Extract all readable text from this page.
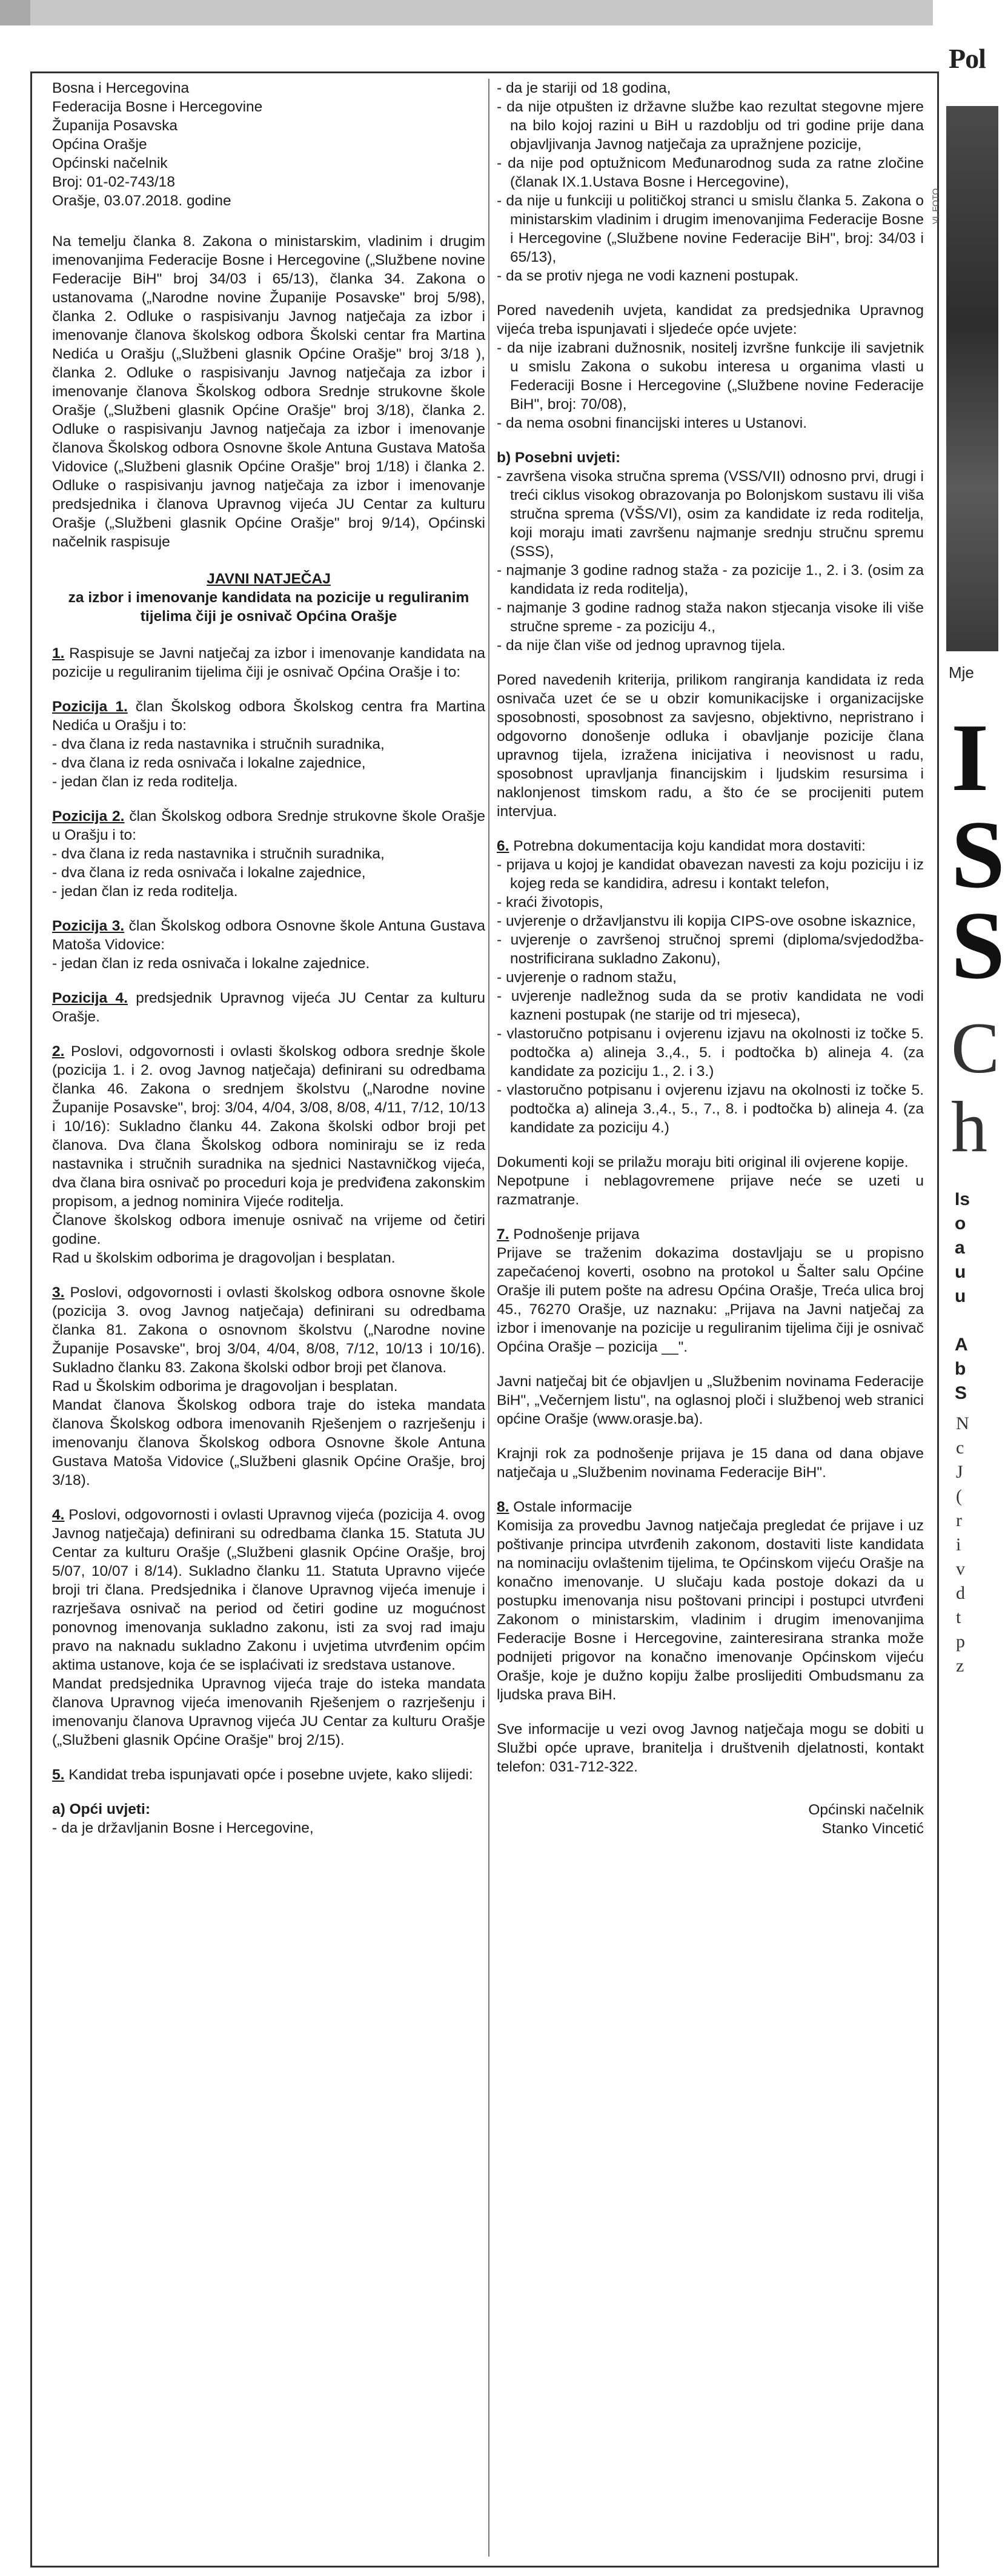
Bosna i Hercegovina
Federacija Bosne i Hercegovine
Županija Posavska
Općina Orašje
Općinski načelnik
Broj: 01-02-743/18
Orašje, 03.07.2018. godine

Na temelju članka 8. Zakona o ministarskim, vladinim i drugim imenovanjima Federacije Bosne i Hercegovine („Službene novine Federacije BiH" broj 34/03 i 65/13), članka 34. Zakona o ustanovama („Narodne novine Županije Posavske" broj 5/98), članka 2. Odluke o raspisivanju Javnog natječaja za izbor i imenovanje članova školskog odbora Školski centar fra Martina Nedića u Orašju („Službeni glasnik Općine Orašje" broj 3/18 ), članka 2. Odluke o raspisivanju Javnog natječaja za izbor i imenovanje članova Školskog odbora Srednje strukovne škole Orašje („Službeni glasnik Općine Orašje" broj 3/18), članka 2. Odluke o raspisivanju Javnog natječaja za izbor i imenovanje članova Školskog odbora Osnovne škole Antuna Gustava Matoša Vidovice („Službeni glasnik Općine Orašje" broj 1/18) i članka 2. Odluke o raspisivanju javnog natječaja za izbor i imenovanje predsjednika i članova Upravnog vijeća JU Centar za kulturu Orašje („Službeni glasnik Općine Orašje" broj 9/14), Općinski načelnik raspisuje

JAVNI NATJEČAJ
za izbor i imenovanje kandidata na pozicije u reguliranim tijelima čiji je osnivač Općina Orašje

1. Raspisuje se Javni natječaj za izbor i imenovanje kandidata na pozicije u reguliranim tijelima čiji je osnivač Općina Orašje i to:

Pozicija 1. član Školskog odbora Školskog centra fra Martina Nedića u Orašju i to:

- dva člana iz reda nastavnika i stručnih suradnika,
- dva člana iz reda osnivača i lokalne zajednice,
- jedan član iz reda roditelja.

Pozicija 2. član Školskog odbora Srednje strukovne škole Orašje u Orašju i to:

- dva člana iz reda nastavnika i stručnih suradnika,
- dva člana iz reda osnivača i lokalne zajednice,
- jedan član iz reda roditelja.

Pozicija 3. član Školskog odbora Osnovne škole Antuna Gustava Matoša Vidovice:

- jedan član iz reda osnivača i lokalne zajednice.

Pozicija 4. predsjednik Upravnog vijeća JU Centar za kulturu Orašje.

2. Poslovi, odgovornosti i ovlasti školskog odbora srednje škole (pozicija 1. i 2. ovog Javnog natječaja) definirani su odredbama članka 46. Zakona o srednjem školstvu („Narodne novine Županije Posavske", broj: 3/04, 4/04, 3/08, 8/08, 4/11, 7/12, 10/13 i 10/16): Sukladno članku 44. Zakona školski odbor broji pet članova. Dva člana Školskog odbora nominiraju se iz reda nastavnika i stručnih suradnika na sjednici Nastavničkog vijeća, dva člana bira osnivač po proceduri koja je predviđena zakonskim propisom, a jednog nominira Vijeće roditelja.

Članove školskog odbora imenuje osnivač na vrijeme od četiri godine.

Rad u školskim odborima je dragovoljan i besplatan.

3. Poslovi, odgovornosti i ovlasti školskog odbora osnovne škole (pozicija 3. ovog Javnog natječaja) definirani su odredbama članka 81. Zakona o osnovnom školstvu („Narodne novine Županije Posavske", broj 3/04, 4/04, 8/08, 7/12, 10/13 i 10/16). Sukladno članku 83. Zakona školski odbor broji pet članova.

Rad u Školskim odborima je dragovoljan i besplatan.

Mandat članova Školskog odbora traje do isteka mandata članova Školskog odbora imenovanih Rješenjem o razrješenju i imenovanju članova Školskog odbora Osnovne škole Antuna Gustava Matoša Vidovice („Službeni glasnik Općine Orašje, broj 3/18).

4. Poslovi, odgovornosti i ovlasti Upravnog vijeća (pozicija 4. ovog Javnog natječaja) definirani su odredbama članka 15. Statuta JU Centar za kulturu Orašje („Službeni glasnik Općine Orašje, broj 5/07, 10/07 i 8/14). Sukladno članku 11. Statuta Upravno vijeće broji tri člana. Predsjednika i članove Upravnog vijeća imenuje i razrješava osnivač na period od četiri godine uz mogućnost ponovnog imenovanja sukladno zakonu, isti za svoj rad imaju pravo na naknadu sukladno Zakonu i uvjetima utvrđenim općim aktima ustanove, koja će se isplaćivati iz sredstava ustanove.

Mandat predsjednika Upravnog vijeća traje do isteka mandata članova Upravnog vijeća imenovanih Rješenjem o razrješenju i imenovanju članova Upravnog vijeća JU Centar za kulturu Orašje („Službeni glasnik Općine Orašje" broj 2/15).

5. Kandidat treba ispunjavati opće i posebne uvjete, kako slijedi:

a) Opći uvjeti:
- da je državljanin Bosne i Hercegovine,
- da je stariji od 18 godina,
- da nije otpušten iz državne službe kao rezultat stegovne mjere na bilo kojoj razini u BiH u razdoblju od tri godine prije dana objavljivanja Javnog natječaja za upražnjene pozicije,
- da nije pod optužnicom Međunarodnog suda za ratne zločine (članak IX.1.Ustava Bosne i Hercegovine),
- da nije u funkciji u političkoj stranci u smislu članka 5. Zakona o ministarskim vladinim i drugim imenovanjima Federacije Bosne i Hercegovine („Službene novine Federacije BiH", broj: 34/03 i 65/13),
- da se protiv njega ne vodi kazneni postupak.

Pored navedenih uvjeta, kandidat za predsjednika Upravnog vijeća treba ispunjavati i sljedeće opće uvjete:

- da nije izabrani dužnosnik, nositelj izvršne funkcije ili savjetnik u smislu Zakona o sukobu interesa u organima vlasti u Federaciji Bosne i Hercegovine („Službene novine Federacije BiH", broj: 70/08),
- da nema osobni financijski interes u Ustanovi.
b) Posebni uvjeti:
- završena visoka stručna sprema (VSS/VII) odnosno prvi, drugi i treći ciklus visokog obrazovanja po Bolonjskom sustavu ili viša stručna sprema (VŠS/VI), osim za kandidate iz reda roditelja, koji moraju imati završenu najmanje srednju stručnu spremu (SSS),
- najmanje 3 godine radnog staža - za pozicije 1., 2. i 3. (osim za kandidata iz reda roditelja),
- najmanje 3 godine radnog staža nakon stjecanja visoke ili više stručne spreme - za poziciju 4.,
- da nije član više od jednog upravnog tijela.

Pored navedenih kriterija, prilikom rangiranja kandidata iz reda osnivača uzet će se u obzir komunikacijske i organizacijske sposobnosti, sposobnost za savjesno, objektivno, nepristrano i odgovorno donošenje odluka i obavljanje pozicije člana upravnog tijela, izražena inicijativa i neovisnost u radu, sposobnost upravljanja financijskim i ljudskim resursima i naklonjenost timskom radu, a što će se procijeniti putem intervjua.

6. Potrebna dokumentacija koju kandidat mora dostaviti:

- prijava u kojoj je kandidat obavezan navesti za koju poziciju i iz kojeg reda se kandidira, adresu i kontakt telefon,
- kraći životopis,
- uvjerenje o državljanstvu ili kopija CIPS-ove osobne iskaznice,
- uvjerenje o završenoj stručnoj spremi (diploma/svjedodžba-nostrificirana sukladno Zakonu),
- uvjerenje o radnom stažu,
- uvjerenje nadležnog suda da se protiv kandidata ne vodi kazneni postupak (ne starije od tri mjeseca),
- vlastoručno potpisanu i ovjerenu izjavu na okolnosti iz točke 5. podtočka a) alineja 3.,4., 5. i podtočka b) alineja 4. (za kandidate za poziciju 1., 2. i 3.)
- vlastoručno potpisanu i ovjerenu izjavu na okolnosti iz točke 5. podtočka a) alineja 3.,4., 5., 7., 8. i podtočka b) alineja 4. (za kandidate za poziciju 4.)

Dokumenti koji se prilažu moraju biti original ili ovjerene kopije.

Nepotpune i neblagovremene prijave neće se uzeti u razmatranje.

7. Podnošenje prijava

Prijave se traženim dokazima dostavljaju se u propisno zapečaćenoj koverti, osobno na protokol u Šalter salu Općine Orašje ili putem pošte na adresu Općina Orašje, Treća ulica broj 45., 76270 Orašje, uz naznaku: „Prijava na Javni natječaj za izbor i imenovanje na pozicije u reguliranim tijelima čiji je osnivač Općina Orašje – pozicija __".

Javni natječaj bit će objavljen u „Službenim novinama Federacije BiH", „Večernjem listu", na oglasnoj ploči i službenoj web stranici općine Orašje (www.orasje.ba).

Krajnji rok za podnošenje prijava je 15 dana od dana objave natječaja u „Službenim novinama Federacije BiH".

8. Ostale informacije

Komisija za provedbu Javnog natječaja pregledat će prijave i uz poštivanje principa utvrđenih zakonom, dostaviti liste kandidata na nominaciju ovlaštenim tijelima, te Općinskom vijeću Orašje na konačno imenovanje. U slučaju kada postoje dokazi da u postupku imenovanja nisu poštovani principi i postupci utvrđeni Zakonom o ministarskim, vladinim i drugim imenovanjima Federacije Bosne i Hercegovine, zainteresirana stranka može podnijeti prigovor na konačno imenovanje Općinskom vijeću Orašje, koje je dužno kopiju žalbe proslijediti Ombudsmanu za ljudska prava BiH.

Sve informacije u vezi ovog Javnog natječaja mogu se dobiti u Službi opće uprave, branitelja i društvenih djelatnosti, kontakt telefon: 031-712-322.

Općinski načelnik
Stanko Vincetić
Pol
VL FOTO
Mje
I
S
S
C
h
Is
o
a
u
u
A
b
S
N
c
J
(
r
i
v
d
t
p
z
